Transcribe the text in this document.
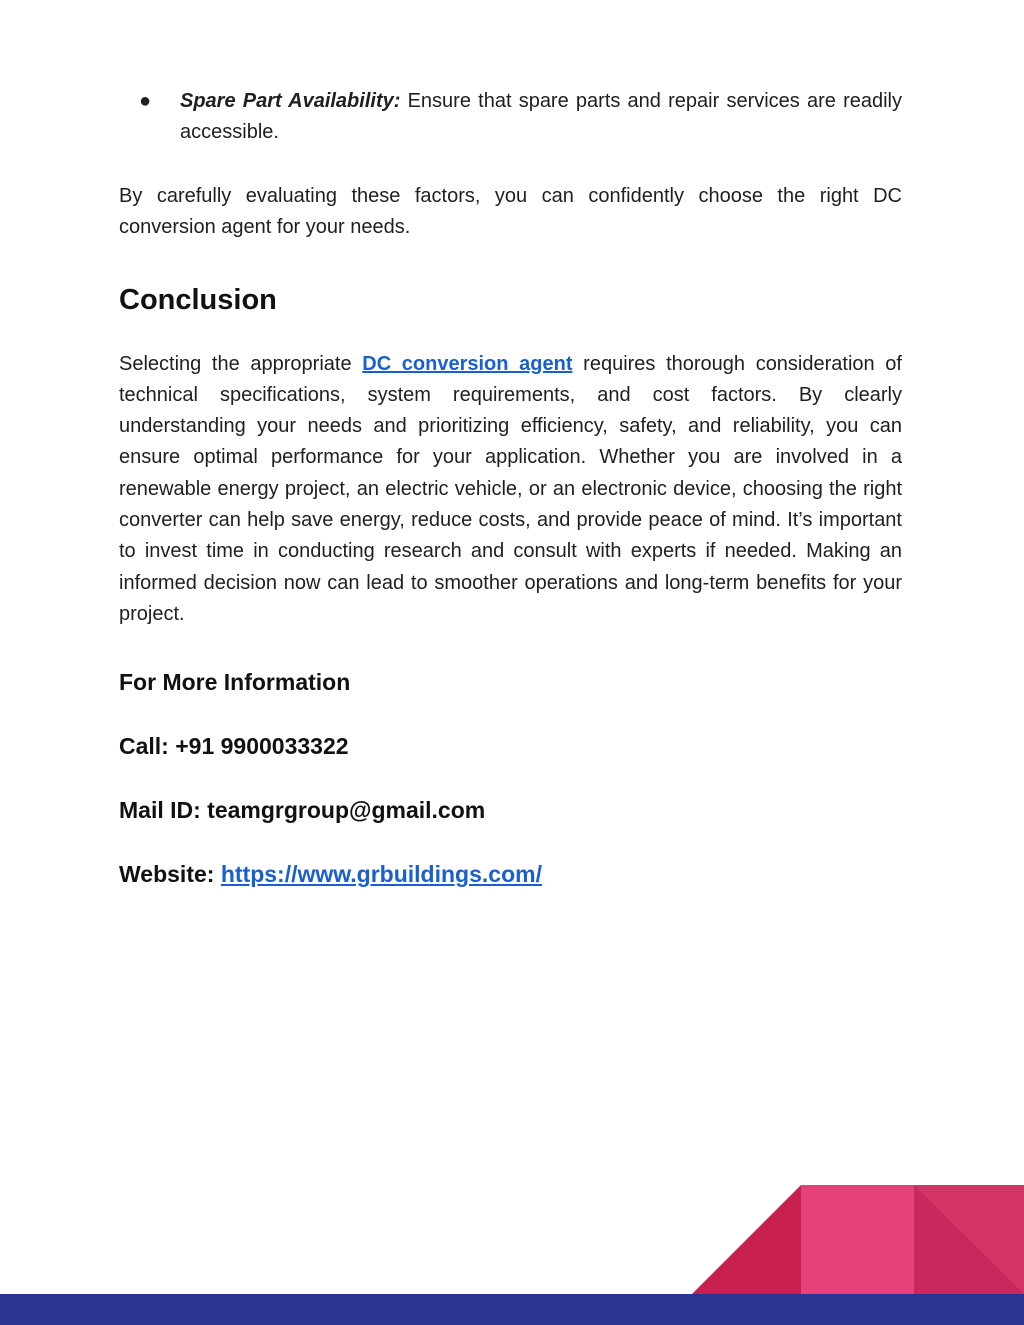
● Spare Part Availability: Ensure that spare parts and repair services are readily accessible.

By carefully evaluating these factors, you can confidently choose the right DC conversion agent for your needs.

Conclusion

Selecting the appropriate DC conversion agent requires thorough consideration of technical specifications, system requirements, and cost factors. By clearly understanding your needs and prioritizing efficiency, safety, and reliability, you can ensure optimal performance for your application. Whether you are involved in a renewable energy project, an electric vehicle, or an electronic device, choosing the right converter can help save energy, reduce costs, and provide peace of mind. It’s important to invest time in conducting research and consult with experts if needed. Making an informed decision now can lead to smoother operations and long-term benefits for your project.

For More Information

Call: +91 9900033322

Mail ID: teamgrgroup@gmail.com

Website: https://www.grbuildings.com/
